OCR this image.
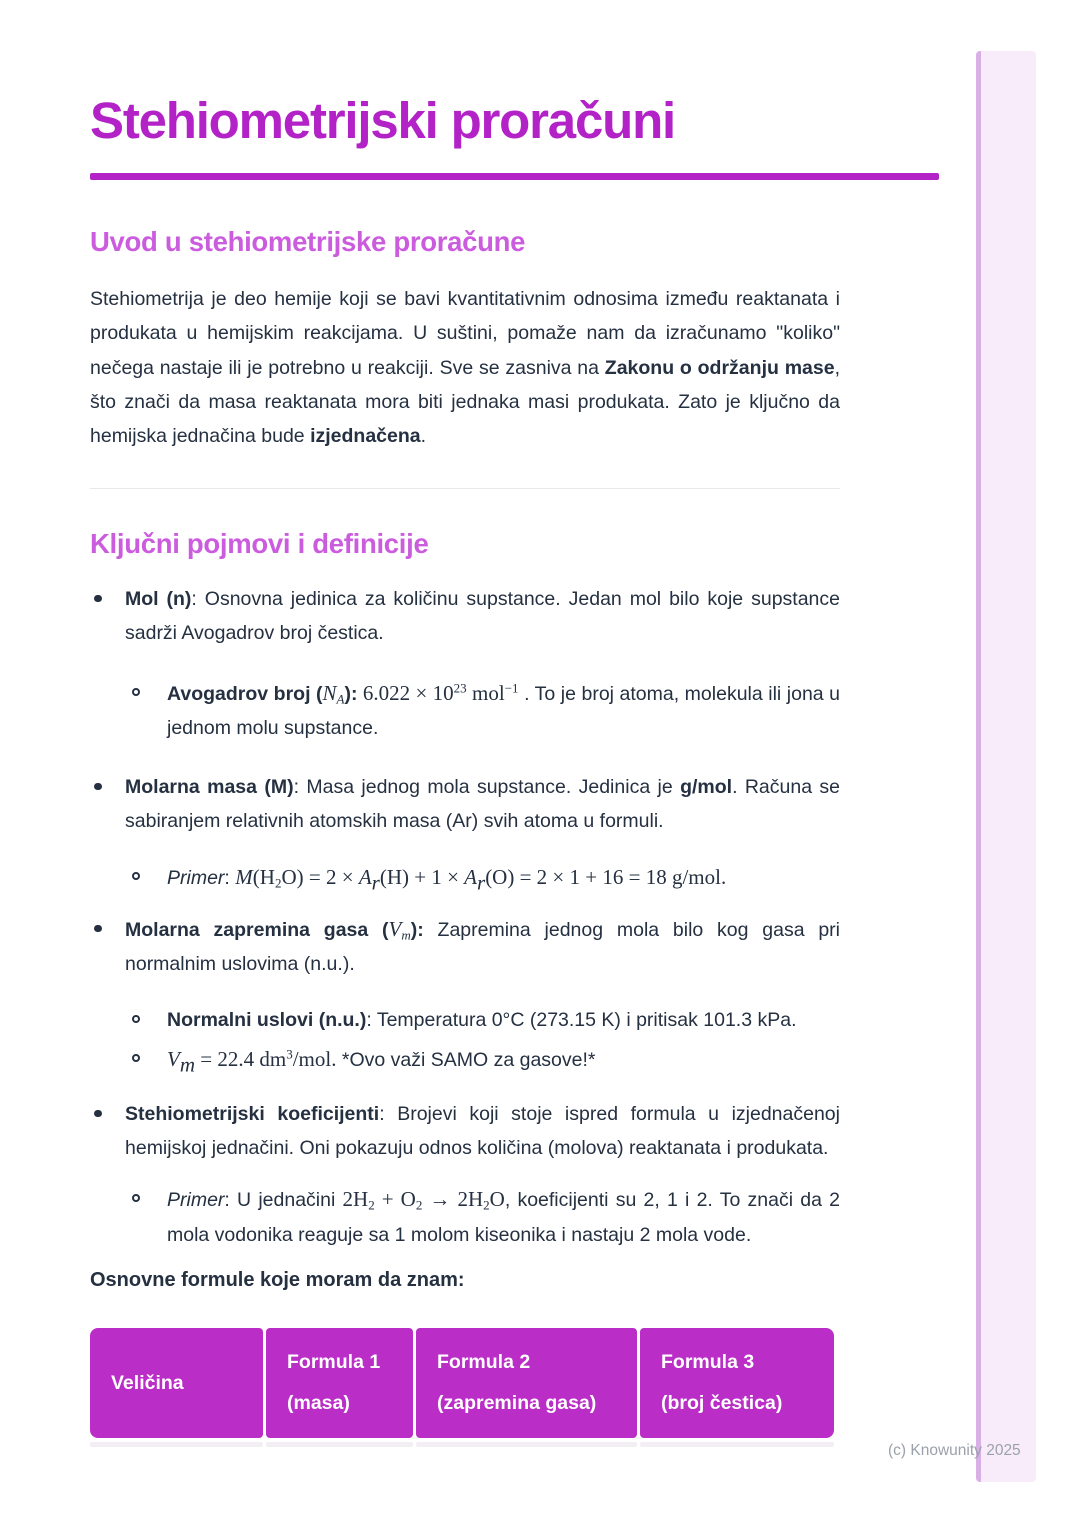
(c) Knowunity 2025
Stehiometrijski proračuni
Uvod u stehiometrijske proračune

Stehiometrija je deo hemije koji se bavi kvantitativnim odnosima između reaktanata i produkata u hemijskim reakcijama. U suštini, pomaže nam da izračunamo "koliko" nečega nastaje ili je potrebno u reakciji. Sve se zasniva na Zakonu o održanju mase, što znači da masa reaktanata mora biti jednaka masi produkata. Zato je ključno da hemijska jednačina bude izjednačena.

Ključni pojmovi i definicije
Mol (n): Osnovna jedinica za količinu supstance. Jedan mol bilo koje supstance sadrži Avogadrov broj čestica.
Avogadrov broj $(N_A)$: $6.022 \times 10^{23}$ mol$^{-1}$ . To je broj atoma, molekula ili jona u jednom molu supstance.
Molarna masa (M): Masa jednog mola supstance. Jedinica je g/mol. Računa se sabiranjem relativnih atomskih masa (Ar) svih atoma u formuli.
Primer: $M(H_2O) = 2 \times A_r(H) + 1 \times A_r(O) = 2 \times 1 + 16 = 18$ g/mol.
Molarna zapremina gasa $(V_m)$: Zapremina jednog mola bilo kog gasa pri normalnim uslovima (n.u.).
Normalni uslovi (n.u.): Temperatura 0°C (273.15 K) i pritisak 101.3 kPa.
$V_m = 22.4$ $dm^3$/mol. *Ovo važi SAMO za gasove!*
Stehiometrijski koeficijenti: Brojevi koji stoje ispred formula u izjednačenoj hemijskoj jednačini. Oni pokazuju odnos količina (molova) reaktanata i produkata.
Primer: U jednačini $2H_2 + O_2 \to 2H_2O$, koeficijenti su 2, 1 i 2. To znači da 2 mola vodonika reaguje sa 1 molom kiseonika i nastaju 2 mola vode.

Osnovne formule koje moram da znam:

Veličina
Formula 1
(masa)
Formula 2
(zapremina gasa)
Formula 3
(broj čestica)
